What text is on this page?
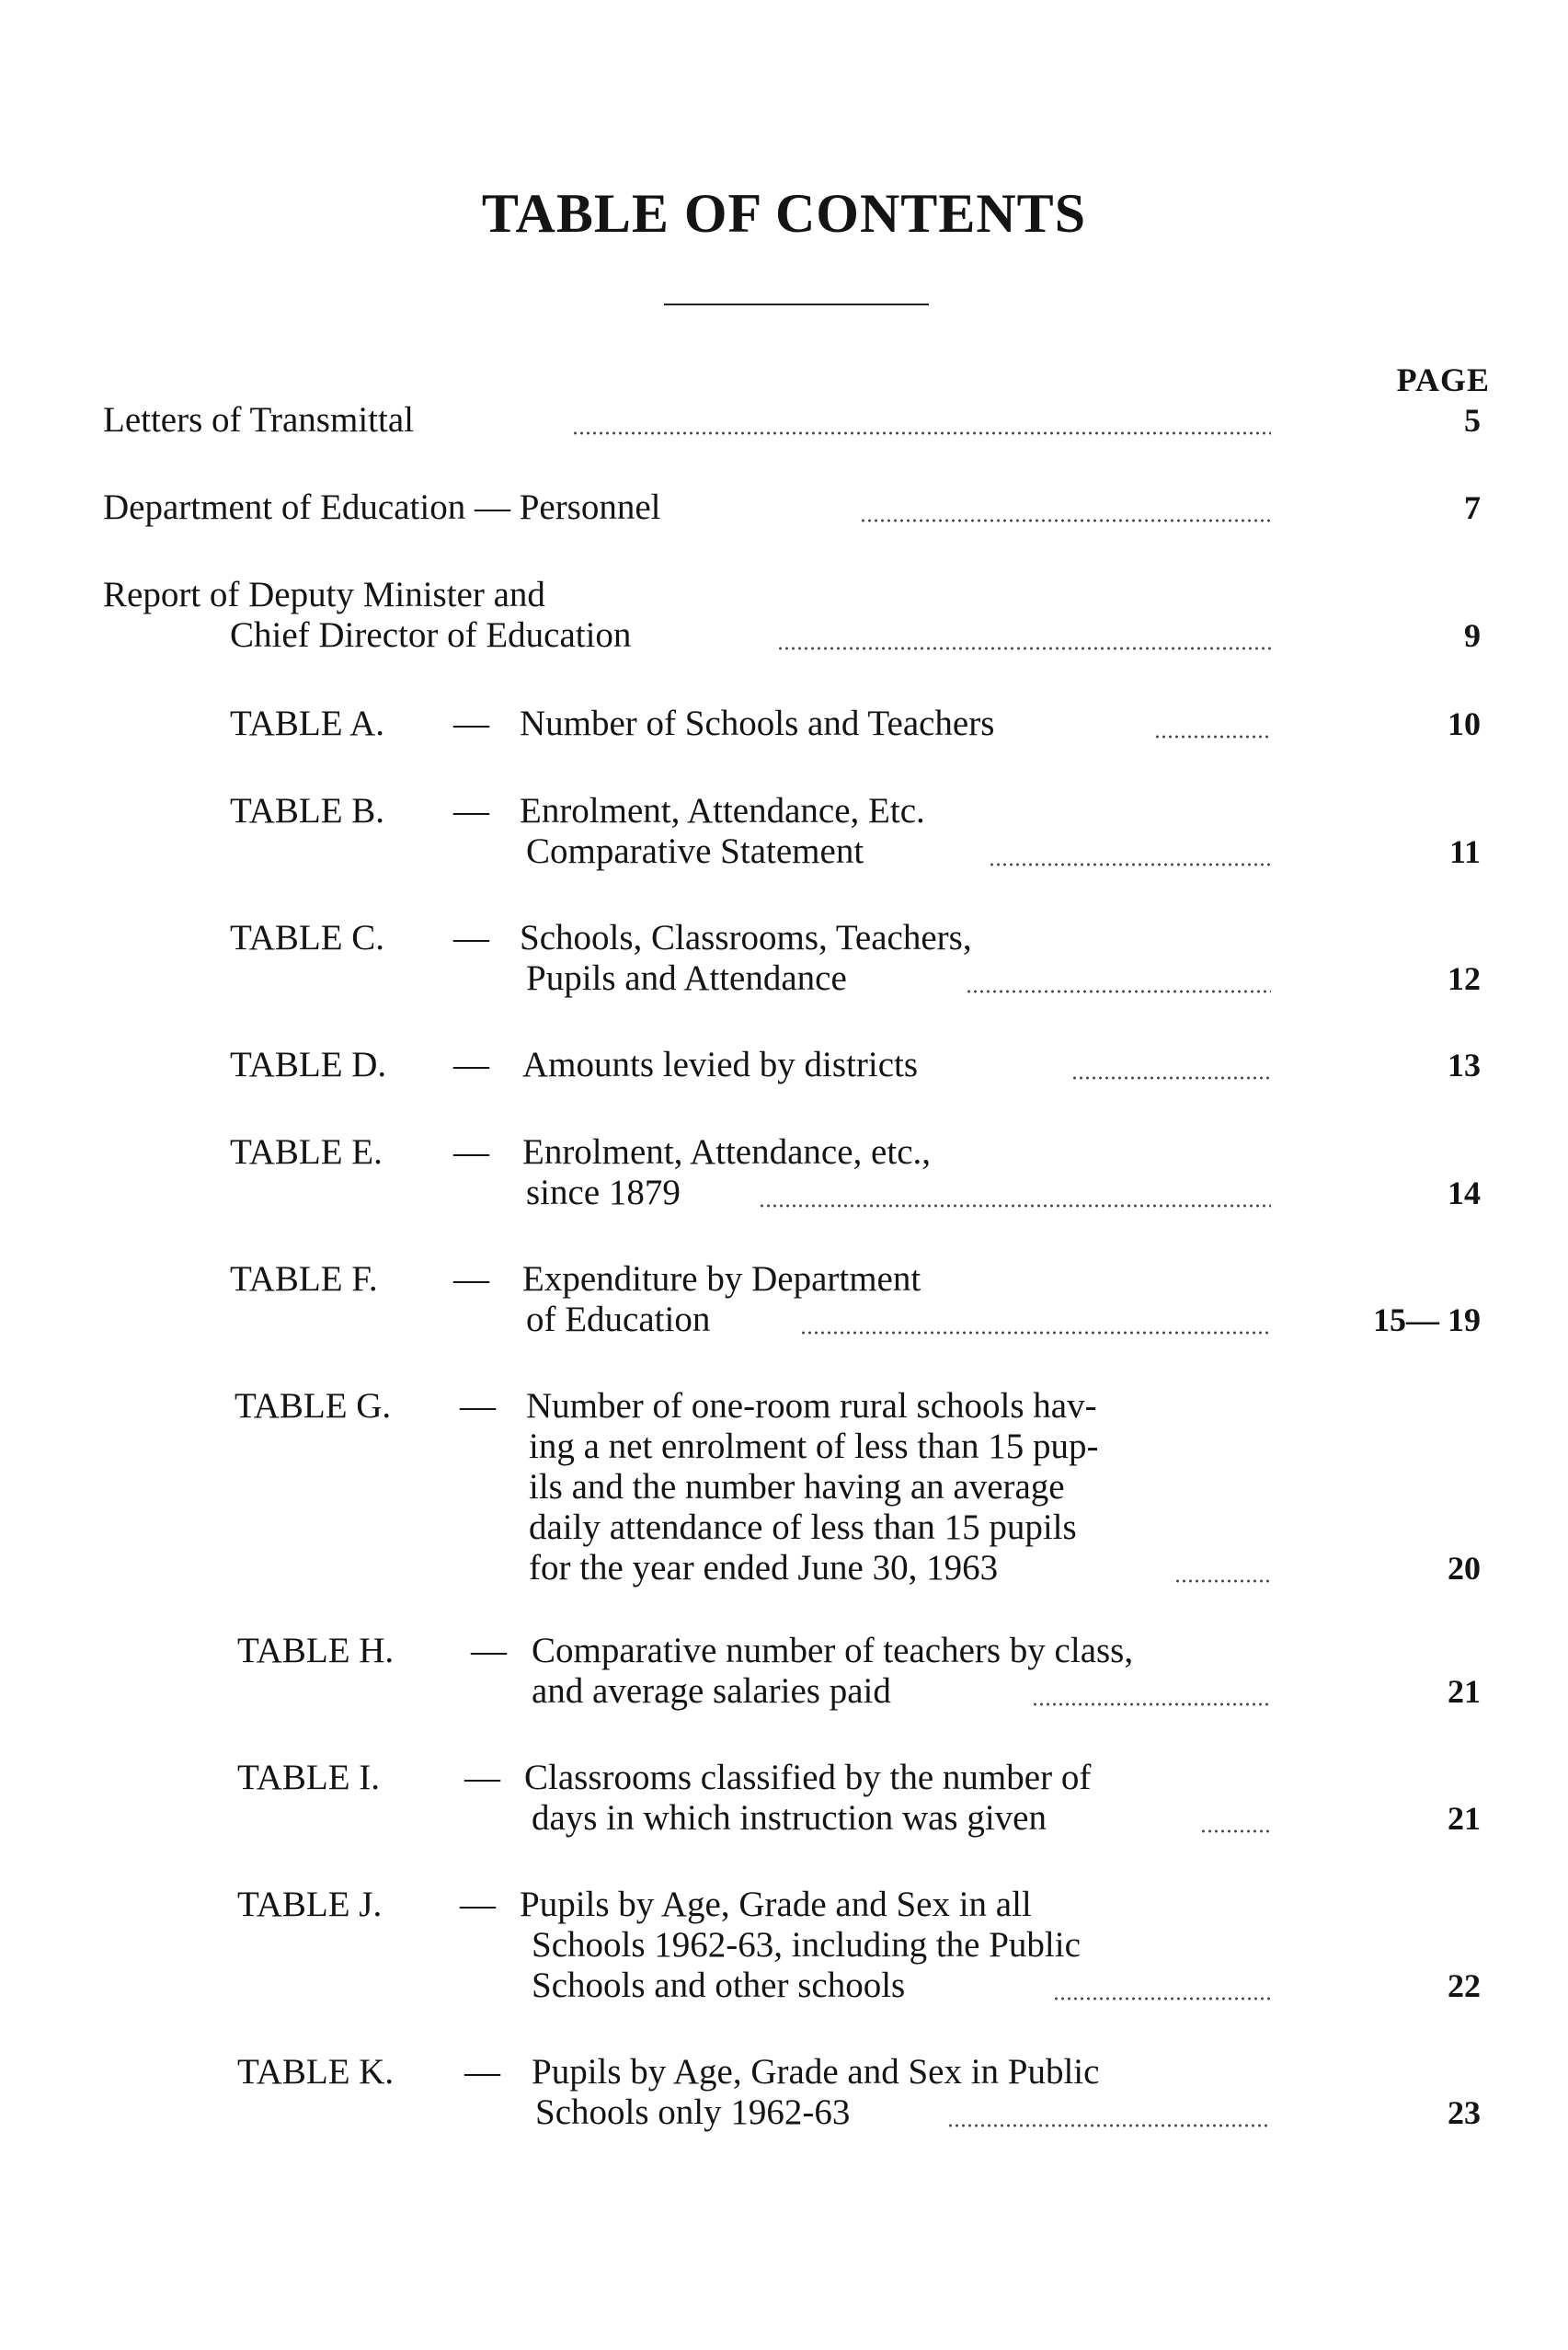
TABLE OF CONTENTS
PAGE
Letters of Transmittal	5
Department of Education — Personnel	7
Report of Deputy Minister and
Chief Director of Education	9
TABLE A. — Number of Schools and Teachers	10
TABLE B. — Enrolment, Attendance, Etc.
Comparative Statement	11
TABLE C. — Schools, Classrooms, Teachers,
Pupils and Attendance	12
TABLE D. — Amounts levied by districts	13
TABLE E. — Enrolment, Attendance, etc.,
since 1879	14
TABLE F. — Expenditure by Department
of Education	15— 19
TABLE G. — Number of one-room rural schools hav-
ing a net enrolment of less than 15 pup-
ils and the number having an average
daily attendance of less than 15 pupils
for the year ended June 30, 1963	20
TABLE H. — Comparative number of teachers by class,
and average salaries paid	21
TABLE I. — Classrooms classified by the number of
days in which instruction was given	21
TABLE J. — Pupils by Age, Grade and Sex in all
Schools 1962-63, including the Public
Schools and other schools	22
TABLE K. — Pupils by Age, Grade and Sex in Public
Schools only 1962-63	23
